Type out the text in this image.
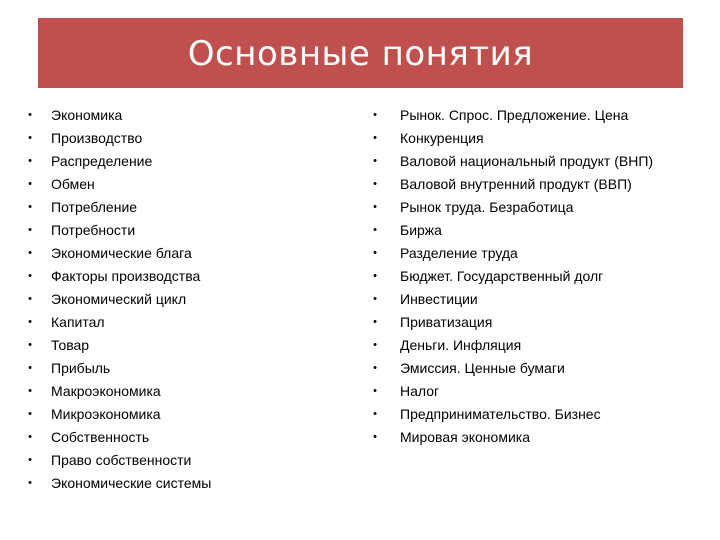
Основные понятия
• Экономика
• Производство
• Распределение
• Обмен
• Потребление
• Потребности
• Экономические блага
• Факторы производства
• Экономический цикл
• Капитал
• Товар
• Прибыль
• Макроэкономика
• Микроэкономика
• Собственность
• Право собственности
• Экономические системы
• Рынок. Спрос. Предложение. Цена
• Конкуренция
• Валовой национальный продукт (ВНП)
• Валовой внутренний продукт (ВВП)
• Рынок труда. Безработица
• Биржа
• Разделение труда
• Бюджет. Государственный долг
• Инвестиции
• Приватизация
• Деньги. Инфляция
• Эмиссия. Ценные бумаги
• Налог
• Предпринимательство. Бизнес
• Мировая экономика
